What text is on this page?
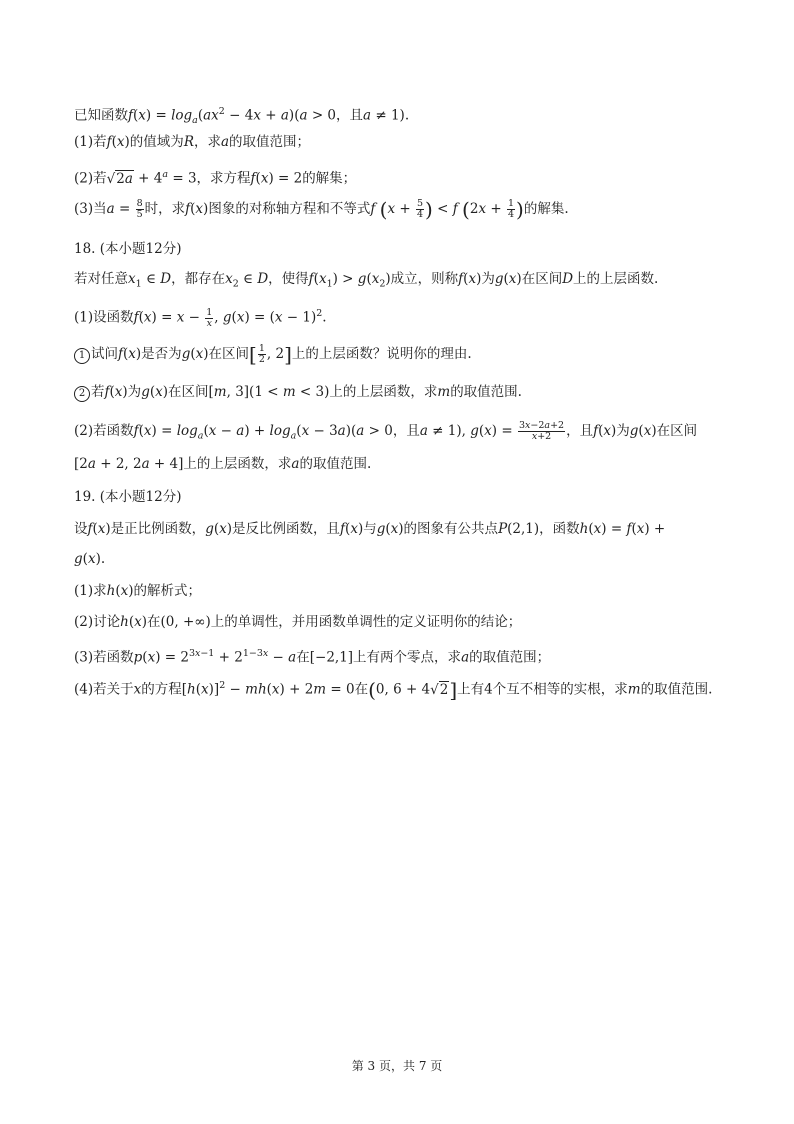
已知函数$f(x) = \log_a(ax^2 - 4x + a)(a > 0$，且a ≠ 1).
(1)若f(x)的值域为R，求a的取值范围；
(2)若$√2a + 4^a = 3$，求方程f(x) = 2的解集；
(3)当$a = \frac{8}{5}$ 时，求f(x)图象的对称轴方程和不等式f ($x + \frac{5}{4}$ ) < f ($2x + \frac{1}{4}$ )的解集.
18. (本小题12分)
若对任意$x_1$ ∈ D，都存在$x_2$ ∈ D，使得$f(x_1) > g(x_2)$成立，则称f(x)为g(x)在区间D上的上层函数.
(1)设函数$f(x) = x - \frac{1}{x}$ , $g(x) = (x - 1)^2$.
1 试问f(x)是否为g(x)在区间[ $\frac{1}{2}$ , 2]上的上层函数？说明你的理由.
2 若f(x)为g(x)在区间[m, 3](1 < m < 3)上的上层函数，求m的取值范围.
(2)若函数$f(x) = \log_a(x - a) + \log_a(x - 3a)(a > 0$，且a ≠ 1), $g(x) = \frac{3x-2a+2}{x+2}$ ，且f(x)为g(x)在区间
[2a + 2, 2a + 4]上的上层函数，求a的取值范围.
19. (本小题12分)
设f(x)是正比例函数，g(x)是反比例函数，且f(x)与g(x)的图象有公共点P(2,1)，函数h(x) = f(x) +
g(x).
(1)求h(x)的解析式；
(2)讨论h(x)在(0, +∞)上的单调性，并用函数单调性的定义证明你的结论；
(3)若函数$p(x) = 2^{3x-1} + 2^{1-3x} - a$在[−2,1]上有两个零点，求a的取值范围；
(4)若关于x的方程$[h(x)]^2 - mh(x) + 2m = 0$在(0, 6 + 4√2]上有4个互不相等的实根，求m的取值范围.
第 3 页，共 7 页
